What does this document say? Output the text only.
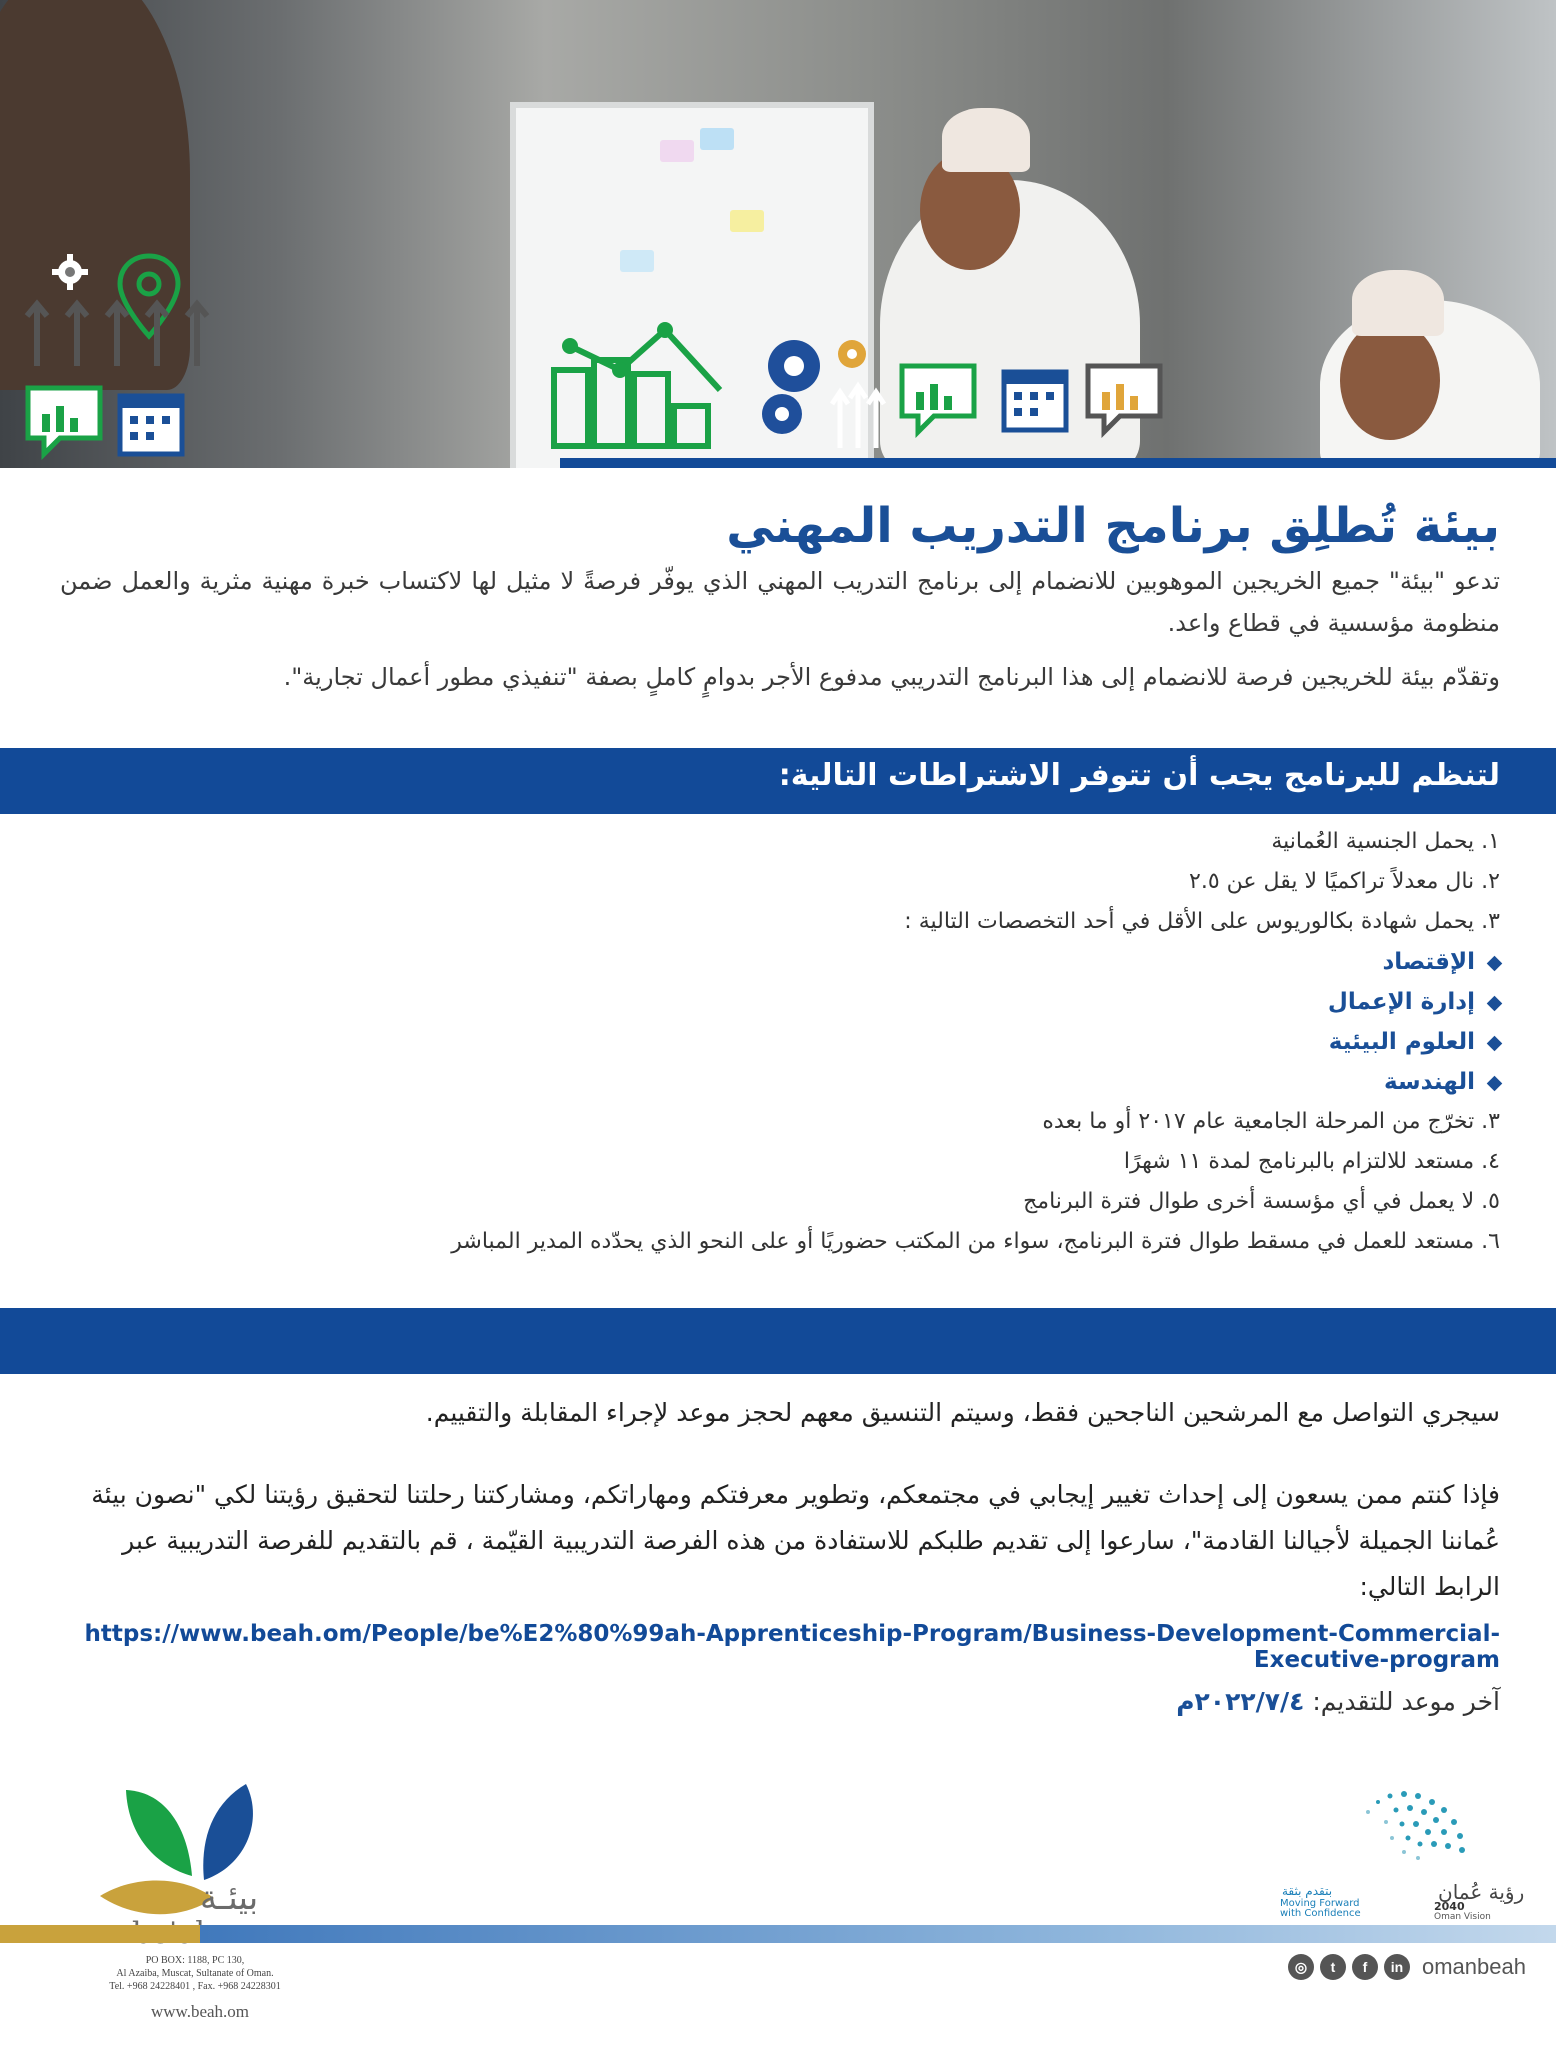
بيئة تُطلِق برنامج التدريب المهني

تدعو "بيئة" جميع الخريجين الموهوبين للانضمام إلى برنامج التدريب المهني الذي يوفّر فرصةً لا مثيل لها لاكتساب خبرة مهنية مثرية والعمل ضمن منظومة مؤسسية في قطاع واعد.

وتقدّم بيئة للخريجين فرصة للانضمام إلى هذا البرنامج التدريبي مدفوع الأجر بدوامٍ كاملٍ بصفة "تنفيذي مطور أعمال تجارية".

لتنظم للبرنامج يجب أن تتوفر الاشتراطات التالية:
١. يحمل الجنسية العُمانية
٢. نال معدلاً تراكميًا لا يقل عن ٢.٥
٣. يحمل شهادة بكالوريوس على الأقل في أحد التخصصات التالية :
الإقتصاد
إدارة الإعمال
العلوم البيئية
الهندسة
٣. تخرّج من المرحلة الجامعية عام ٢٠١٧ أو ما بعده
٤. مستعد للالتزام بالبرنامج لمدة ١١ شهرًا
٥. لا يعمل في أي مؤسسة أخرى طوال فترة البرنامج
٦. مستعد للعمل في مسقط طوال فترة البرنامج، سواء من المكتب حضوريًا أو على النحو الذي يحدّده المدير المباشر

سيجري التواصل مع المرشحين الناجحين فقط، وسيتم التنسيق معهم لحجز موعد لإجراء المقابلة والتقييم.

فإذا كنتم ممن يسعون إلى إحداث تغيير إيجابي في مجتمعكم، وتطوير معرفتكم ومهاراتكم، ومشاركتنا رحلتنا لتحقيق رؤيتنا لكي "نصون بيئة عُماننا الجميلة لأجيالنا القادمة"، سارعوا إلى تقديم طلبكم للاستفادة من هذه الفرصة التدريبية القيّمة ، قم بالتقديم للفرصة التدريبية عبر الرابط التالي:

https://www.beah.om/People/be%E2%80%99ah-Apprenticeship-Program/Business-Development-Commercial-Executive-program
آخر موعد للتقديم: ٢٠٢٢/٧/٤م
بيئـة
PO BOX: 1188, PC 130,
Al Azaiba, Muscat, Sultanate of Oman.
Tel. +968 24228401 , Fax. +968 24228301
www.beah.om
رؤية عُمان
2040
Oman Vision
بتقدم بثقة
Moving Forward
with Confidence
◎	t	f	in omanbeah
